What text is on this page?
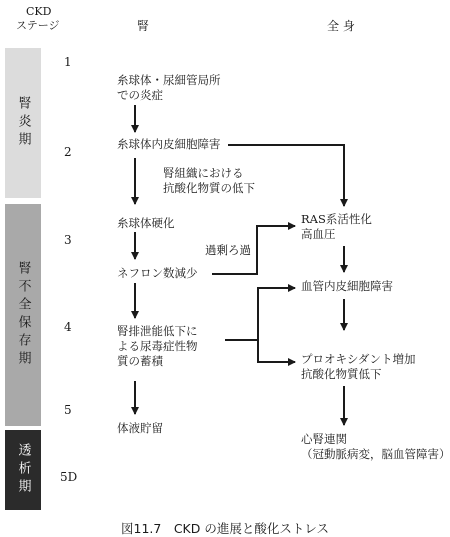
CKD
ステージ	腎	全 身
腎炎期
腎不全保存期
透析期
1
2
3
4
5
5D
糸球体・尿細管局所
での炎症
糸球体内皮細胞障害
腎組織における
抗酸化物質の低下
糸球体硬化
ネフロン数減少
腎排泄能低下に
よる尿毒症性物
質の蓄積
体液貯留
過剰ろ過
RAS系活性化
高血圧
血管内皮細胞障害
プロオキシダント増加
抗酸化物質低下
心腎連関
（冠動脈病変，脳血管障害）
図11.7　CKD の進展と酸化ストレス
